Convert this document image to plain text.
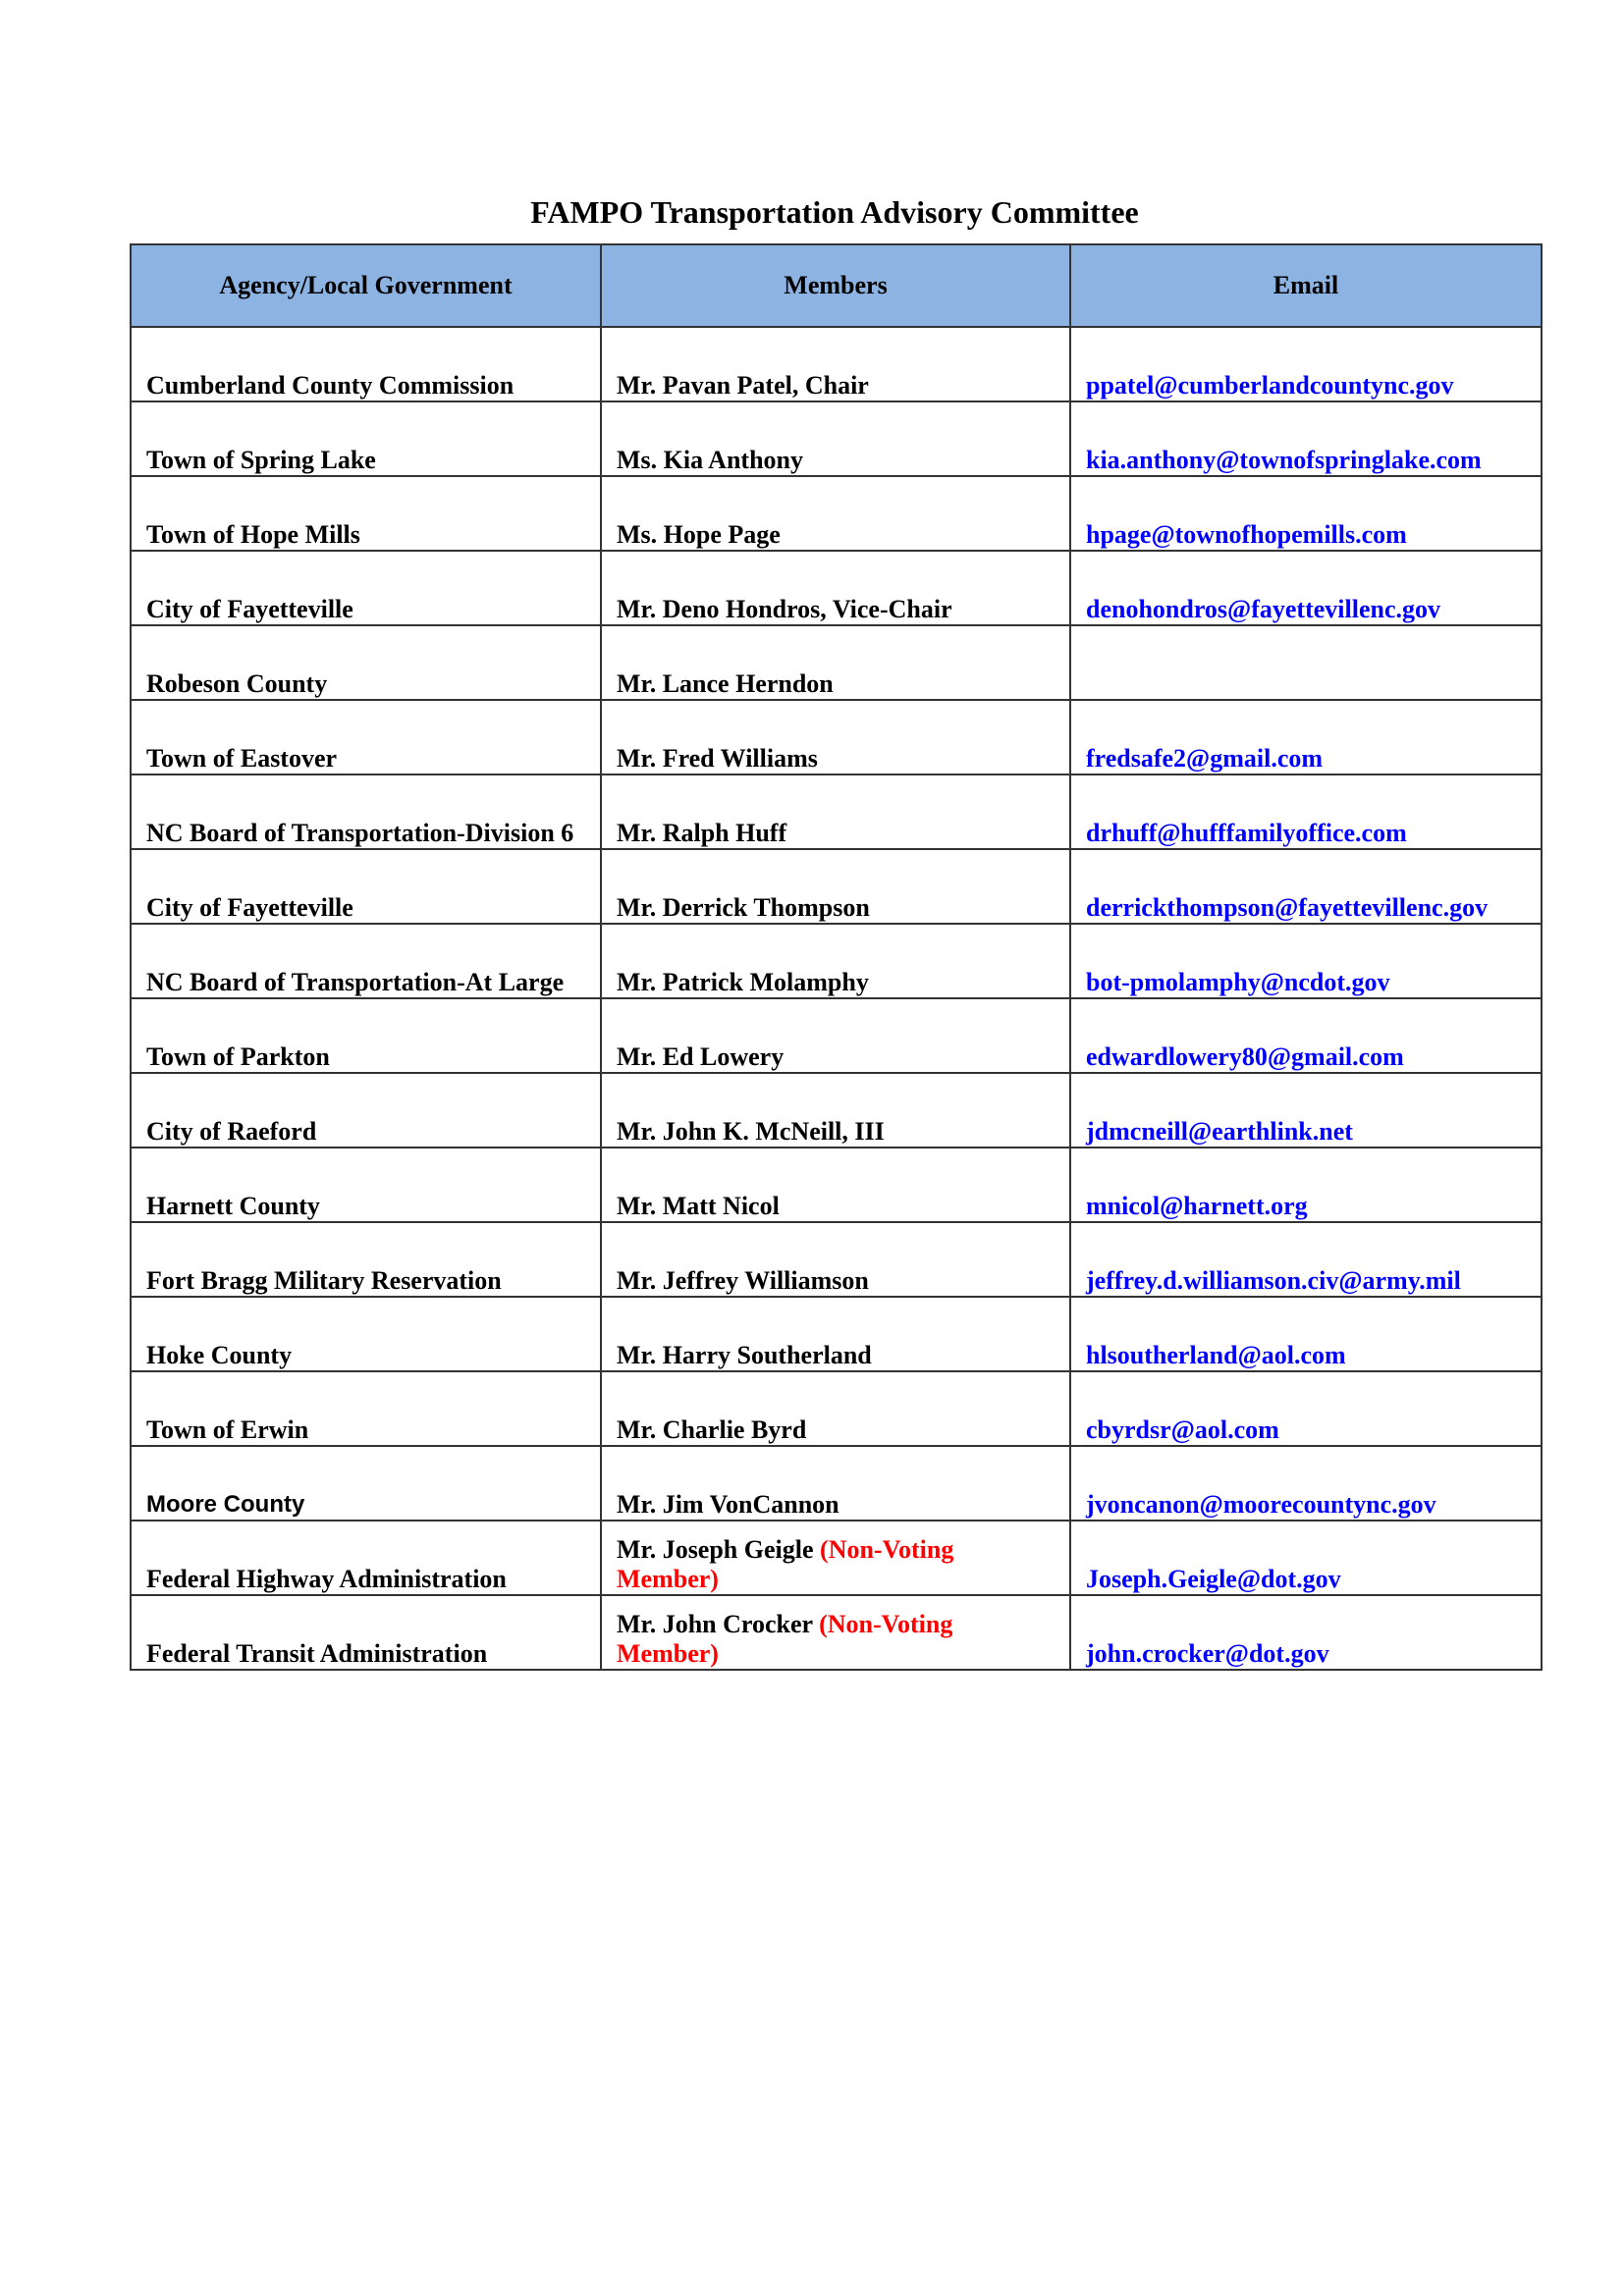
FAMPO Transportation Advisory Committee
Agency/Local Government	Members	Email
Cumberland County Commission	Mr. Pavan Patel, Chair	ppatel@cumberlandcountync.gov
Town of Spring Lake	Ms. Kia Anthony	kia.anthony@townofspringlake.com
Town of Hope Mills	Ms. Hope Page	hpage@townofhopemills.com
City of Fayetteville	Mr. Deno Hondros, Vice-Chair	denohondros@fayettevillenc.gov
Robeson County	Mr. Lance Herndon	
Town of Eastover	Mr. Fred Williams	fredsafe2@gmail.com
NC Board of Transportation-Division 6	Mr. Ralph Huff	drhuff@hufffamilyoffice.com
City of Fayetteville	Mr. Derrick Thompson	derrickthompson@fayettevillenc.gov
NC Board of Transportation-At Large	Mr. Patrick Molamphy	bot-pmolamphy@ncdot.gov
Town of Parkton	Mr. Ed Lowery	edwardlowery80@gmail.com
City of Raeford	Mr. John K. McNeill, III	jdmcneill@earthlink.net
Harnett County	Mr. Matt Nicol	mnicol@harnett.org
Fort Bragg Military Reservation	Mr. Jeffrey Williamson	jeffrey.d.williamson.civ@army.mil
Hoke County	Mr. Harry Southerland	hlsoutherland@aol.com
Town of Erwin	Mr. Charlie Byrd	cbyrdsr@aol.com
Moore County	Mr. Jim VonCannon	jvoncanon@moorecountync.gov
Federal Highway Administration	Mr. Joseph Geigle (Non-Voting Member)	Joseph.Geigle@dot.gov
Federal Transit Administration	Mr. John Crocker (Non-Voting Member)	john.crocker@dot.gov
